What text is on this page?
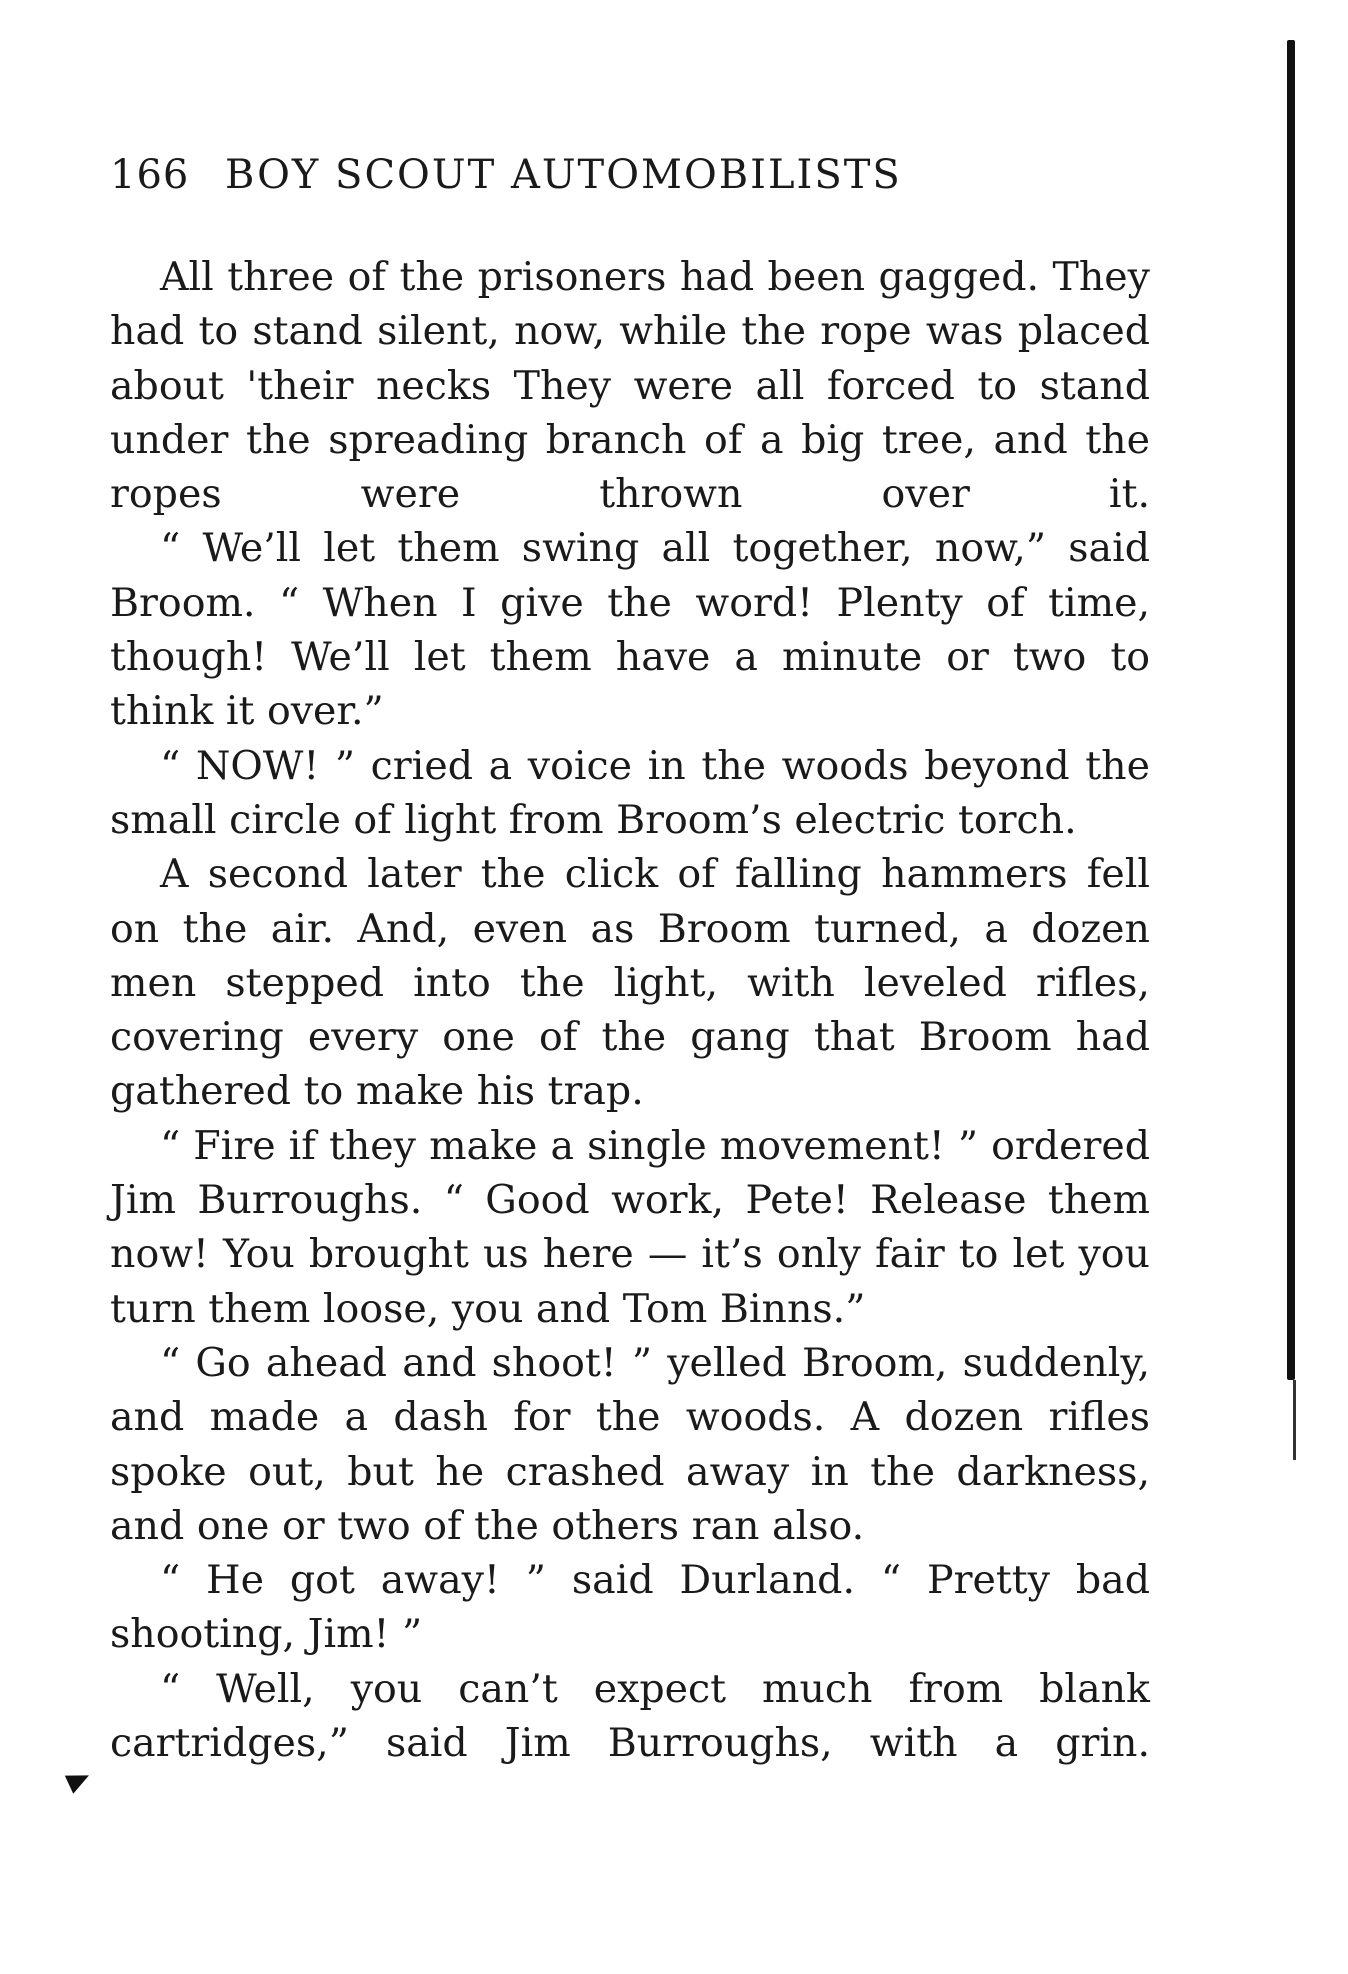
166 BOY SCOUT AUTOMOBILISTS

All three of the prisoners had been gagged. They had to stand silent, now, while the rope was placed about 'their necks They were all forced to stand under the spreading branch of a big tree, and the ropes were thrown over it.

“ We’ll let them swing all together, now,” said Broom. “ When I give the word! Plenty of time, though! We’ll let them have a minute or two to think it over.”

“ NOW! ” cried a voice in the woods beyond the small circle of light from Broom’s electric torch.

A second later the click of falling hammers fell on the air. And, even as Broom turned, a dozen men stepped into the light, with leveled rifles, covering every one of the gang that Broom had gathered to make his trap.

“ Fire if they make a single movement! ” ordered Jim Burroughs. “ Good work, Pete! Release them now! You brought us here — it’s only fair to let you turn them loose, you and Tom Binns.”

“ Go ahead and shoot! ” yelled Broom, suddenly, and made a dash for the woods. A dozen rifles spoke out, but he crashed away in the darkness, and one or two of the others ran also.

“ He got away! ” said Durland. “ Pretty bad shooting, Jim! ”

“ Well, you can’t expect much from blank cartridges,” said Jim Burroughs, with a grin.
